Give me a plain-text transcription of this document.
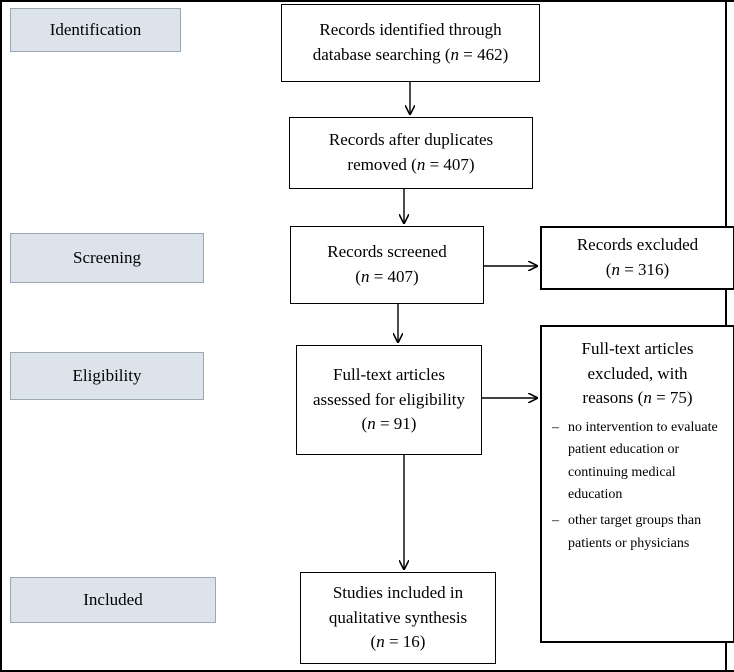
Identification
Screening
Eligibility
Included
Records identified through
database searching (n = 462)
Records after duplicates
removed (n = 407)
Records screened
(n = 407)
Full-text articles
assessed for eligibility
(n = 91)
Studies included in
qualitative synthesis
(n = 16)
Records excluded
(n = 316)
Full-text articles
excluded, with
reasons (n = 75)
– no intervention to evaluate patient education or continuing medical education
– other target groups than patients or physicians
